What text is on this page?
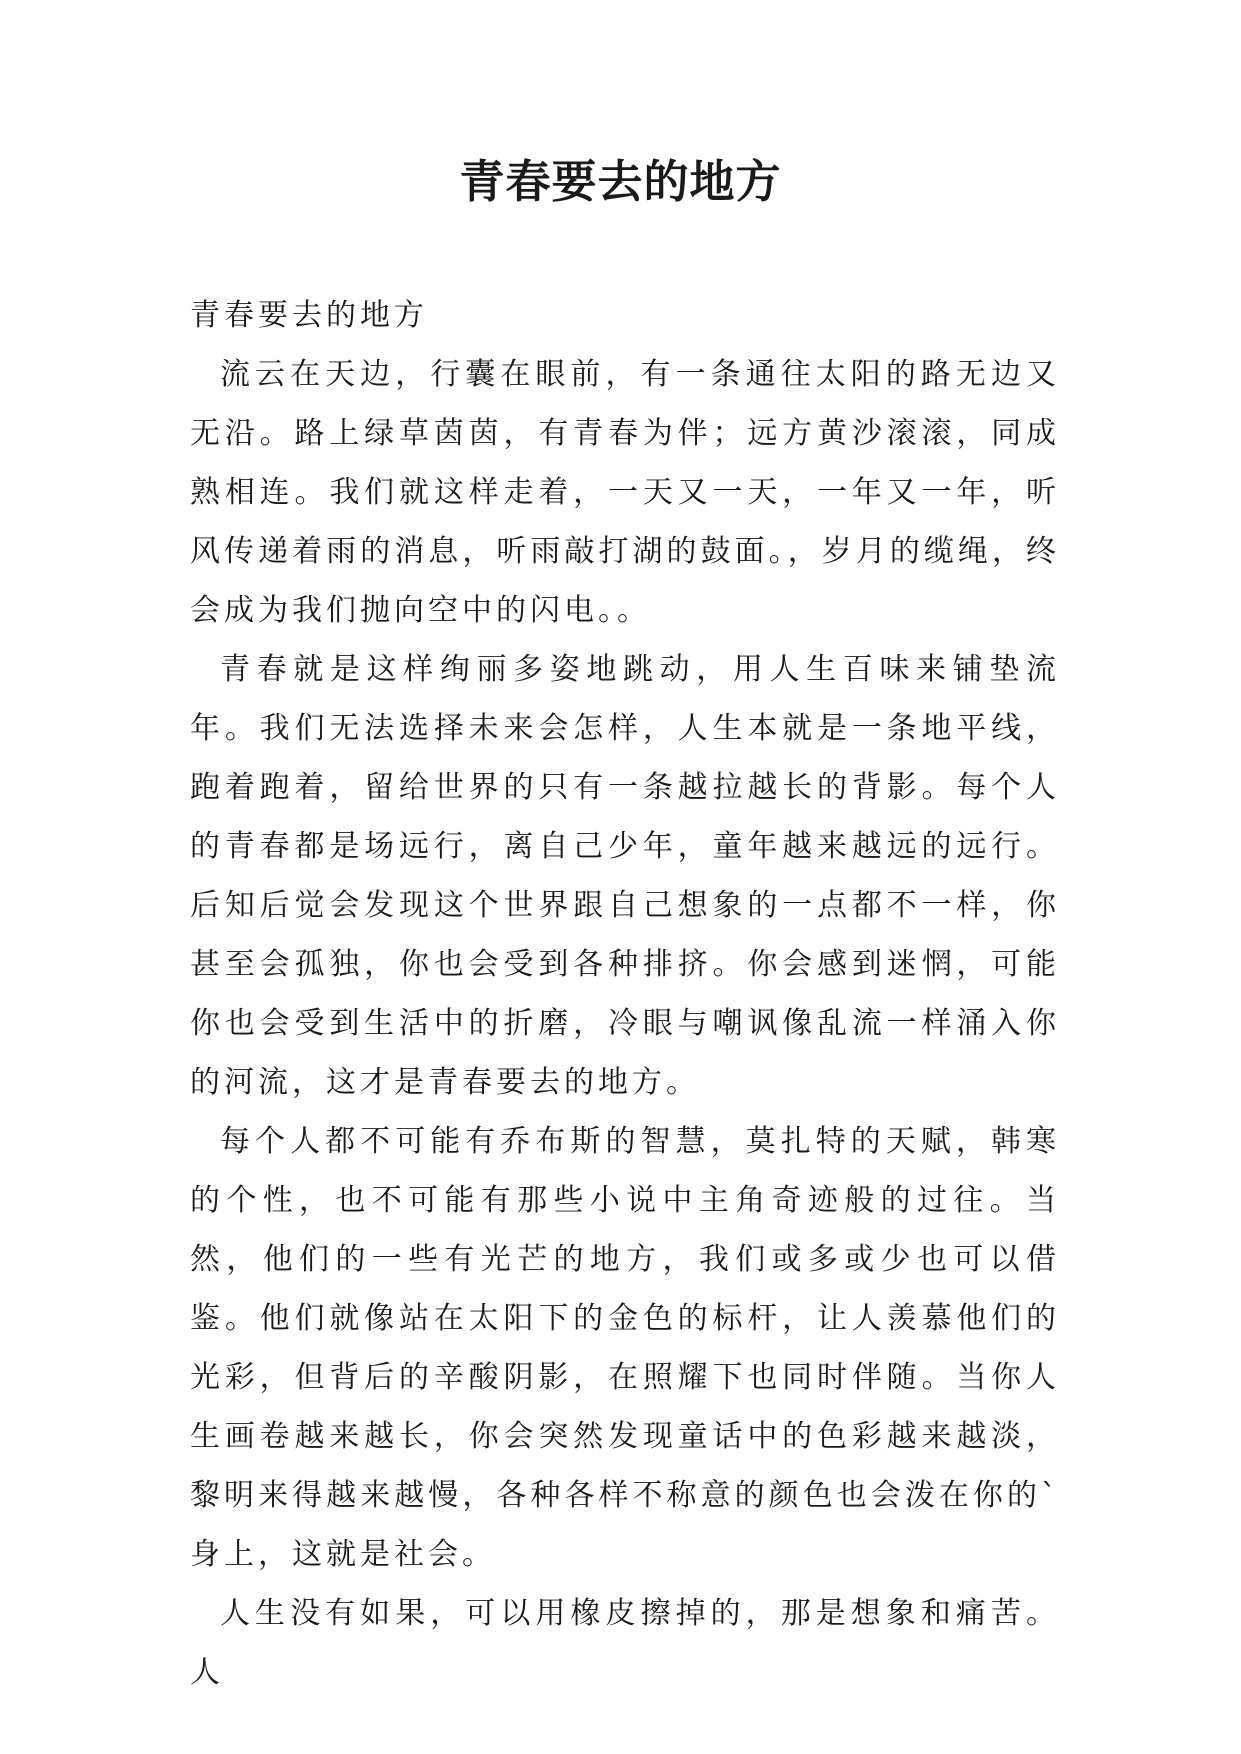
青春要去的地方

青春要去的地方

流云在天边，行囊在眼前，有一条通往太阳的路无边又无沿。路上绿草茵茵，有青春为伴；远方黄沙滚滚，同成熟相连。我们就这样走着，一天又一天，一年又一年，听风传递着雨的消息，听雨敲打湖的鼓面。，岁月的缆绳，终会成为我们抛向空中的闪电。。

青春就是这样绚丽多姿地跳动，用人生百味来铺垫流年。我们无法选择未来会怎样，人生本就是一条地平线，跑着跑着，留给世界的只有一条越拉越长的背影。每个人的青春都是场远行，离自己少年，童年越来越远的远行。后知后觉会发现这个世界跟自己想象的一点都不一样，你甚至会孤独，你也会受到各种排挤。你会感到迷惘，可能你也会受到生活中的折磨，冷眼与嘲讽像乱流一样涌入你的河流，这才是青春要去的地方。

每个人都不可能有乔布斯的智慧，莫扎特的天赋，韩寒的个性，也不可能有那些小说中主角奇迹般的过往。当然，他们的一些有光芒的地方，我们或多或少也可以借鉴。他们就像站在太阳下的金色的标杆，让人羡慕他们的光彩，但背后的辛酸阴影，在照耀下也同时伴随。当你人生画卷越来越长，你会突然发现童话中的色彩越来越淡，黎明来得越来越慢，各种各样不称意的颜色也会泼在你的`身上，这就是社会。

人生没有如果，可以用橡皮擦掉的，那是想象和痛苦。人
